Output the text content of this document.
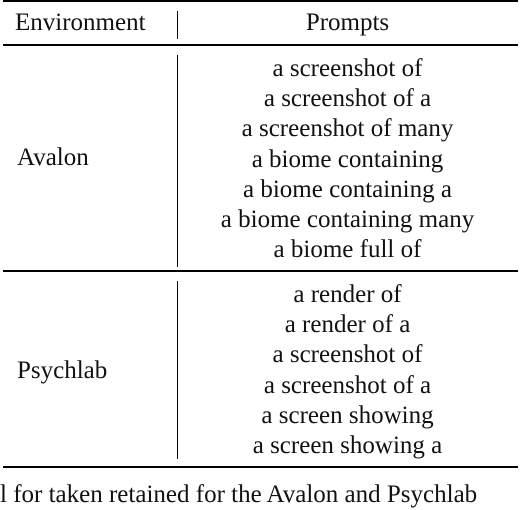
Environment	Prompts
Avalon
a screenshot of
a screenshot of a
a screenshot of many
a biome containing
a biome containing a
a biome containing many
a biome full of
Psychlab
a render of
a render of a
a screenshot of
a screenshot of a
a screen showing
a screen showing a
l for taken retained for the Avalon and Psychlab
